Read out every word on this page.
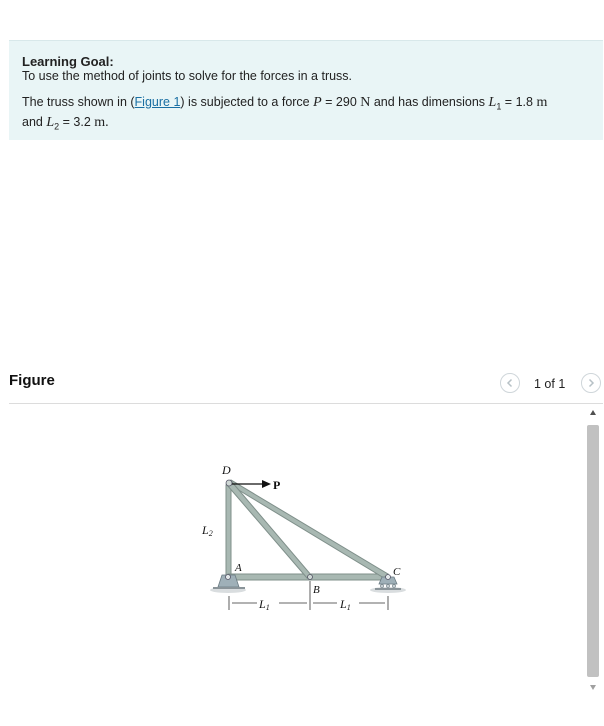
Learning Goal:
To use the method of joints to solve for the forces in a truss.
The truss shown in (Figure 1) is subjected to a force P = 290 N and has dimensions $L_1 = 1.8$ m
and $L_2 = 3.2$ m.
Figure	1 of 1
D
P
L2
A
B
C
L1	L1
